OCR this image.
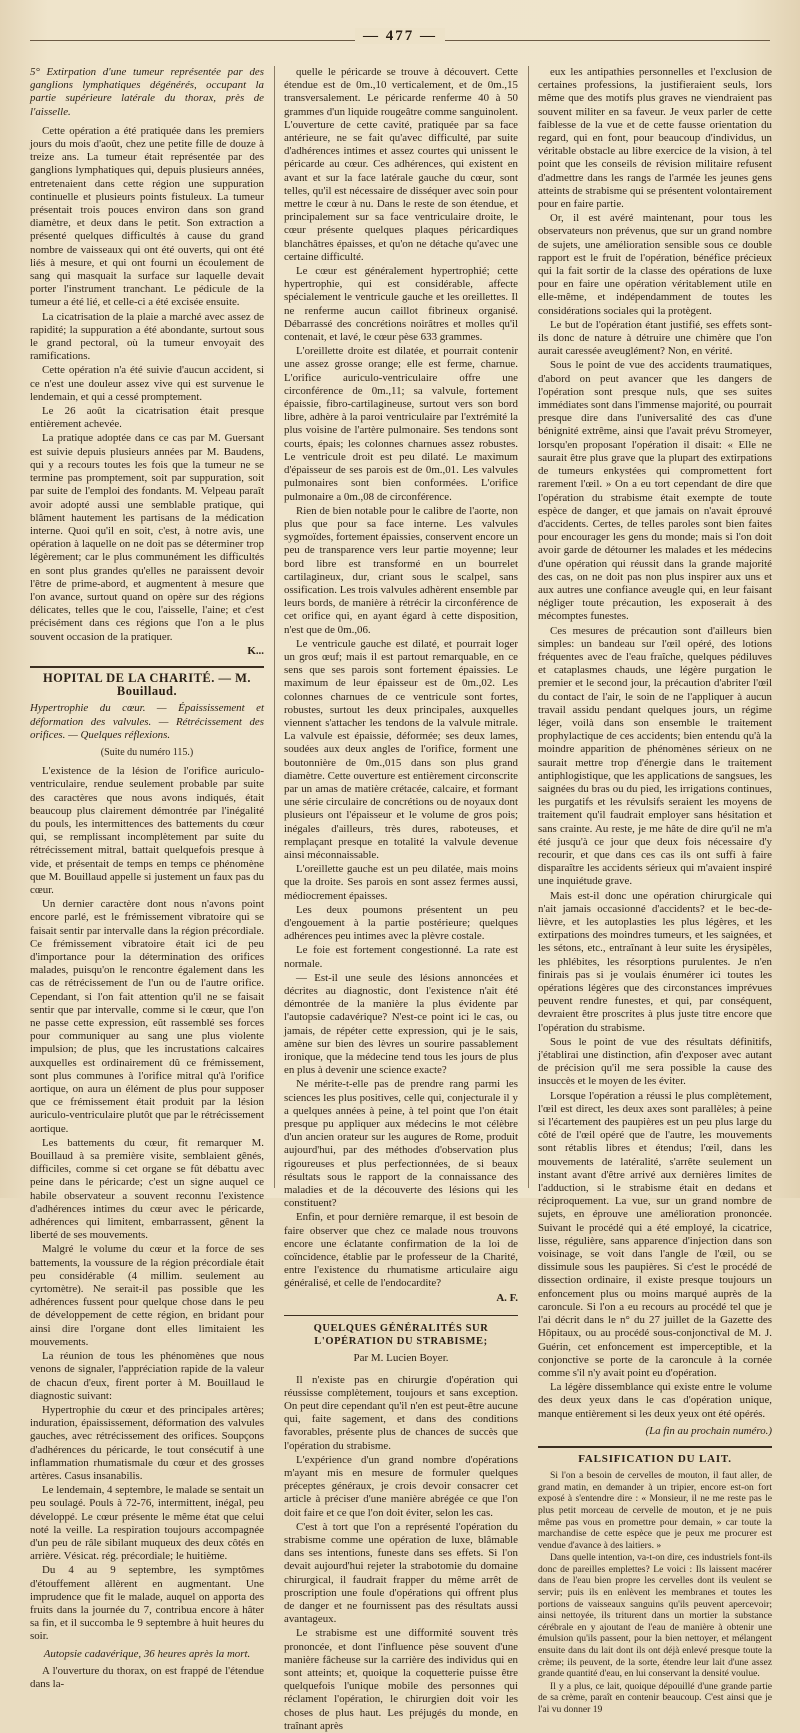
— 477 —

5° Extirpation d'une tumeur représentée par des ganglions lymphatiques dégénérés, occupant la partie supérieure latérale du thorax, près de l'aisselle.

Cette opération a été pratiquée dans les premiers jours du mois d'août, chez une petite fille de douze à treize ans. La tumeur était représentée par des ganglions lymphatiques qui, depuis plusieurs années, entretenaient dans cette région une suppuration continuelle et plusieurs points fistuleux. La tumeur présentait trois pouces environ dans son grand diamètre, et deux dans le petit. Son extraction a présenté quelques difficultés à cause du grand nombre de vaisseaux qui ont été ouverts, qui ont été liés à mesure, et qui ont fourni un écoulement de sang qui masquait la surface sur laquelle devait porter l'instrument tranchant. Le pédicule de la tumeur a été lié, et celle-ci a été excisée ensuite.

La cicatrisation de la plaie a marché avec assez de rapidité; la suppuration a été abondante, surtout sous le grand pectoral, où la tumeur envoyait des ramifications.

Cette opération n'a été suivie d'aucun accident, si ce n'est une douleur assez vive qui est survenue le lendemain, et qui a cessé promptement.

Le 26 août la cicatrisation était presque entièrement achevée.

La pratique adoptée dans ce cas par M. Guersant est suivie depuis plusieurs années par M. Baudens, qui y a recours toutes les fois que la tumeur ne se termine pas promptement, soit par suppuration, soit par suite de l'emploi des fondants. M. Velpeau paraît avoir adopté aussi une semblable pratique, qui blâment hautement les partisans de la médication interne. Quoi qu'il en soit, c'est, à notre avis, une opération à laquelle on ne doit pas se déterminer trop légèrement; car le plus communément les difficultés en sont plus grandes qu'elles ne paraissent devoir l'être de prime-abord, et augmentent à mesure que l'on avance, surtout quand on opère sur des régions délicates, telles que le cou, l'aisselle, l'aine; et c'est précisément dans ces régions que l'on a le plus souvent occasion de la pratiquer.

K...

HOPITAL DE LA CHARITÉ. — M. Bouillaud.

Hypertrophie du cœur. — Épaississement et déformation des valvules. — Rétrécissement des orifices. — Quelques réflexions.

(Suite du numéro 115.)

L'existence de la lésion de l'orifice auriculo-ventriculaire, rendue seulement probable par suite des caractères que nous avons indiqués, était beaucoup plus clairement démontrée par l'inégalité du pouls, les intermittences des battements du cœur qui, se remplissant incomplètement par suite du rétrécissement mitral, battait quelquefois presque à vide, et présentait de temps en temps ce phénomène que M. Bouillaud appelle si justement un faux pas du cœur.

Un dernier caractère dont nous n'avons point encore parlé, est le frémissement vibratoire qui se faisait sentir par intervalle dans la région précordiale. Ce frémissement vibratoire était ici de peu d'importance pour la détermination des orifices malades, puisqu'on le rencontre également dans les cas de rétrécissement de l'un ou de l'autre orifice. Cependant, si l'on fait attention qu'il ne se faisait sentir que par intervalle, comme si le cœur, que l'on ne passe cette expression, eût rassemblé ses forces pour communiquer au sang une plus violente impulsion; de plus, que les incrustations calcaires auxquelles est ordinairement dû ce frémissement, sont plus communes à l'orifice mitral qu'à l'orifice aortique, on aura un élément de plus pour supposer que ce frémissement était produit par la lésion auriculo-ventriculaire plutôt que par le rétrécissement aortique.

Les battements du cœur, fit remarquer M. Bouillaud à sa première visite, semblaient gênés, difficiles, comme si cet organe se fût débattu avec peine dans le péricarde; c'est un signe auquel ce habile observateur a souvent reconnu l'existence d'adhérences intimes du cœur avec le péricarde, adhérences qui limitent, embarrassent, gênent la liberté de ses mouvements.

Malgré le volume du cœur et la force de ses battements, la voussure de la région précordiale était peu considérable (4 millim. seulement au cyrtomètre). Ne serait-il pas possible que les adhérences fussent pour quelque chose dans le peu de développement de cette région, en bridant pour ainsi dire l'organe dont elles limitaient les mouvements.

La réunion de tous les phénomènes que nous venons de signaler, l'appréciation rapide de la valeur de chacun d'eux, firent porter à M. Bouillaud le diagnostic suivant:

Hypertrophie du cœur et des principales artères; induration, épaississement, déformation des valvules gauches, avec rétrécissement des orifices. Soupçons d'adhérences du péricarde, le tout consécutif à une inflammation rhumatismale du cœur et des grosses artères. Casus insanabilis.

Le lendemain, 4 septembre, le malade se sentait un peu soulagé. Pouls à 72-76, intermittent, inégal, peu développé. Le cœur présente le même état que celui noté la veille. La respiration toujours accompagnée d'un peu de râle sibilant muqueux des deux côtés en arrière. Vésicat. rég. précordiale; le huitième.

Du 4 au 9 septembre, les symptômes d'étouffement allèrent en augmentant. Une imprudence que fit le malade, auquel on apporta des fruits dans la journée du 7, contribua encore à hâter sa fin, et il succomba le 9 septembre à huit heures du soir.

Autopsie cadavérique, 36 heures après la mort.

A l'ouverture du thorax, on est frappé de l'étendue dans la-

quelle le péricarde se trouve à découvert. Cette étendue est de 0m.,10 verticalement, et de 0m.,15 transversalement. Le péricarde renferme 40 à 50 grammes d'un liquide rougeâtre comme sanguinolent. L'ouverture de cette cavité, pratiquée par sa face antérieure, ne se fait qu'avec difficulté, par suite d'adhérences intimes et assez courtes qui unissent le péricarde au cœur. Ces adhérences, qui existent en avant et sur la face latérale gauche du cœur, sont telles, qu'il est nécessaire de disséquer avec soin pour mettre le cœur à nu. Dans le reste de son étendue, et principalement sur sa face ventriculaire droite, le cœur présente quelques plaques péricardiques blanchâtres épaisses, et qu'on ne détache qu'avec une certaine difficulté.

Le cœur est généralement hypertrophié; cette hypertrophie, qui est considérable, affecte spécialement le ventricule gauche et les oreillettes. Il ne renferme aucun caillot fibrineux organisé. Débarrassé des concrétions noirâtres et molles qu'il contenait, et lavé, le cœur pèse 633 grammes.

L'oreillette droite est dilatée, et pourrait contenir une assez grosse orange; elle est ferme, charnue. L'orifice auriculo-ventriculaire offre une circonférence de 0m.,11; sa valvule, fortement épaissie, fibro-cartilagineuse, surtout vers son bord libre, adhère à la paroi ventriculaire par l'extrémité la plus voisine de l'artère pulmonaire. Ses tendons sont courts, épais; les colonnes charnues assez robustes. Le ventricule droit est peu dilaté. Le maximum d'épaisseur de ses parois est de 0m.,01. Les valvules pulmonaires sont bien conformées. L'orifice pulmonaire a 0m.,08 de circonférence.

Rien de bien notable pour le calibre de l'aorte, non plus que pour sa face interne. Les valvules sygmoïdes, fortement épaissies, conservent encore un peu de transparence vers leur partie moyenne; leur bord libre est transformé en un bourrelet cartilagineux, dur, criant sous le scalpel, sans ossification. Les trois valvules adhèrent ensemble par leurs bords, de manière à rétrécir la circonférence de cet orifice qui, en ayant égard à cette disposition, n'est que de 0m.,06.

Le ventricule gauche est dilaté, et pourrait loger un gros œuf; mais il est partout remarquable, en ce sens que ses parois sont fortement épaissies. Le maximum de leur épaisseur est de 0m.,02. Les colonnes charnues de ce ventricule sont fortes, robustes, surtout les deux principales, auxquelles viennent s'attacher les tendons de la valvule mitrale. La valvule est épaissie, déformée; ses deux lames, soudées aux deux angles de l'orifice, forment une boutonnière de 0m.,015 dans son plus grand diamètre. Cette ouverture est entièrement circonscrite par un amas de matière crétacée, calcaire, et formant une série circulaire de concrétions ou de noyaux dont plusieurs ont l'épaisseur et le volume de gros pois; inégales d'ailleurs, très dures, raboteuses, et remplaçant presque en totalité la valvule devenue ainsi méconnaissable.

L'oreillette gauche est un peu dilatée, mais moins que la droite. Ses parois en sont assez fermes aussi, médiocrement épaisses.

Les deux poumons présentent un peu d'engouement à la partie postérieure; quelques adhérences peu intimes avec la plèvre costale.

Le foie est fortement congestionné. La rate est normale.

— Est-il une seule des lésions annoncées et décrites au diagnostic, dont l'existence n'ait été démontrée de la manière la plus évidente par l'autopsie cadavérique? N'est-ce point ici le cas, ou jamais, de répéter cette expression, qui je le sais, amène sur bien des lèvres un sourire passablement ironique, que la médecine tend tous les jours de plus en plus à devenir une science exacte?

Ne mérite-t-elle pas de prendre rang parmi les sciences les plus positives, celle qui, conjecturale il y a quelques années à peine, à tel point que l'on était presque pu appliquer aux médecins le mot célèbre d'un ancien orateur sur les augures de Rome, produit aujourd'hui, par des méthodes d'observation plus rigoureuses et plus perfectionnées, de si beaux résultats sous le rapport de la connaissance des maladies et de la découverte des lésions qui les constituent?

Enfin, et pour dernière remarque, il est besoin de faire observer que chez ce malade nous trouvons encore une éclatante confirmation de la loi de coïncidence, établie par le professeur de la Charité, entre l'existence du rhumatisme articulaire aigu généralisé, et celle de l'endocardite?

A. F.

QUELQUES GÉNÉRALITÉS SUR L'OPÉRATION DU STRABISME;

Par M. Lucien Boyer.

Il n'existe pas en chirurgie d'opération qui réussisse complètement, toujours et sans exception. On peut dire cependant qu'il n'en est peut-être aucune qui, faite sagement, et dans des conditions favorables, présente plus de chances de succès que l'opération du strabisme.

L'expérience d'un grand nombre d'opérations m'ayant mis en mesure de formuler quelques préceptes généraux, je crois devoir consacrer cet article à préciser d'une manière abrégée ce que l'on doit faire et ce que l'on doit éviter, selon les cas.

C'est à tort que l'on a représenté l'opération du strabisme comme une opération de luxe, blâmable dans ses intentions, funeste dans ses effets. Si l'on devait aujourd'hui rejeter la strabotomie du domaine chirurgical, il faudrait frapper du même arrêt de proscription une foule d'opérations qui offrent plus de danger et ne fournissent pas des résultats aussi avantageux.

Le strabisme est une difformité souvent très prononcée, et dont l'influence pèse souvent d'une manière fâcheuse sur la carrière des individus qui en sont atteints; et, quoique la coquetterie puisse être quelquefois l'unique mobile des personnes qui réclament l'opération, le chirurgien doit voir les choses de plus haut. Les préjugés du monde, en traînant après

eux les antipathies personnelles et l'exclusion de certaines professions, la justifieraient seuls, lors même que des motifs plus graves ne viendraient pas souvent militer en sa faveur. Je veux parler de cette faiblesse de la vue et de cette fausse orientation du regard, qui en font, pour beaucoup d'individus, un véritable obstacle au libre exercice de la vision, à tel point que les conseils de révision militaire refusent d'admettre dans les rangs de l'armée les jeunes gens atteints de strabisme qui se présentent volontairement pour en faire partie.

Or, il est avéré maintenant, pour tous les observateurs non prévenus, que sur un grand nombre de sujets, une amélioration sensible sous ce double rapport est le fruit de l'opération, bénéfice précieux qui la fait sortir de la classe des opérations de luxe pour en faire une opération véritablement utile en elle-même, et indépendamment de toutes les considérations sociales qui la protègent.

Le but de l'opération étant justifié, ses effets sont-ils donc de nature à détruire une chimère que l'on aurait caressée aveuglément? Non, en vérité.

Sous le point de vue des accidents traumatiques, d'abord on peut avancer que les dangers de l'opération sont presque nuls, que ses suites immédiates sont dans l'immense majorité, ou pourrait presque dire dans l'universalité des cas d'une bénignité extrême, ainsi que l'avait prévu Stromeyer, lorsqu'en proposant l'opération il disait: « Elle ne saurait être plus grave que la plupart des extirpations de tumeurs enkystées qui compromettent fort rarement l'œil. » On a eu tort cependant de dire que l'opération du strabisme était exempte de toute espèce de danger, et que jamais on n'avait éprouvé d'accidents. Certes, de telles paroles sont bien faites pour encourager les gens du monde; mais si l'on doit avoir garde de détourner les malades et les médecins d'une opération qui réussit dans la grande majorité des cas, on ne doit pas non plus inspirer aux uns et aux autres une confiance aveugle qui, en leur faisant négliger toute précaution, les exposerait à des mécomptes funestes.

Ces mesures de précaution sont d'ailleurs bien simples: un bandeau sur l'œil opéré, des lotions fréquentes avec de l'eau fraîche, quelques pédiluves et cataplasmes chauds, une légère purgation le premier et le second jour, la précaution d'abriter l'œil du contact de l'air, le soin de ne l'appliquer à aucun travail assidu pendant quelques jours, un régime léger, voilà dans son ensemble le traitement prophylactique de ces accidents; bien entendu qu'à la moindre apparition de phénomènes sérieux on ne saurait mettre trop d'énergie dans le traitement antiphlogistique, que les applications de sangsues, les saignées du bras ou du pied, les irrigations continues, les purgatifs et les révulsifs seraient les moyens de traitement qu'il faudrait employer sans hésitation et sans crainte. Au reste, je me hâte de dire qu'il ne m'a été jusqu'à ce jour que deux fois nécessaire d'y recourir, et que dans ces cas ils ont suffi à faire disparaître les accidents sérieux qui m'avaient inspiré une inquiétude grave.

Mais est-il donc une opération chirurgicale qui n'ait jamais occasionné d'accidents? et le bec-de-lièvre, et les autoplasties les plus légères, et les extirpations des moindres tumeurs, et les saignées, et les sétons, etc., entraînant à leur suite les érysipèles, les phlébites, les résorptions purulentes. Je n'en finirais pas si je voulais énumérer ici toutes les opérations légères que des circonstances imprévues peuvent rendre funestes, et qui, par conséquent, devraient être proscrites à plus juste titre encore que l'opération du strabisme.

Sous le point de vue des résultats définitifs, j'établirai une distinction, afin d'exposer avec autant de précision qu'il me sera possible la cause des insuccès et le moyen de les éviter.

Lorsque l'opération a réussi le plus complètement, l'œil est direct, les deux axes sont parallèles; à peine si l'écartement des paupières est un peu plus large du côté de l'œil opéré que de l'autre, les mouvements sont rétablis libres et étendus; l'œil, dans les mouvements de latéralité, s'arrête seulement un instant avant d'être arrivé aux dernières limites de l'adduction, si le strabisme était en dedans et réciproquement. La vue, sur un grand nombre de sujets, en éprouve une amélioration prononcée. Suivant le procédé qui a été employé, la cicatrice, lisse, régulière, sans apparence d'injection dans son voisinage, se voit dans l'angle de l'œil, ou se dissimule sous les paupières. Si c'est le procédé de dissection ordinaire, il existe presque toujours un enfoncement plus ou moins marqué auprès de la caroncule. Si l'on a eu recours au procédé tel que je l'ai décrit dans le n° du 27 juillet de la Gazette des Hôpitaux, ou au procédé sous-conjonctival de M. J. Guérin, cet enfoncement est imperceptible, et la conjonctive se porte de la caroncule à la cornée comme s'il n'y avait point eu d'opération.

La légère dissemblance qui existe entre le volume des deux yeux dans le cas d'opération unique, manque entièrement si les deux yeux ont été opérés.

(La fin au prochain numéro.)

FALSIFICATION DU LAIT.

Si l'on a besoin de cervelles de mouton, il faut aller, de grand matin, en demander à un tripier, encore est-on fort exposé à s'entendre dire : « Monsieur, il ne me reste pas le plus petit morceau de cervelle de mouton, et je ne puis même pas vous en promettre pour demain, » car toute la marchandise de cette espèce que je peux me procurer est vendue d'avance à des laitiers. »

Dans quelle intention, va-t-on dire, ces industriels font-ils donc de pareilles emplettes? Le voici : Ils laissent macérer dans de l'eau bien propre les cervelles dont ils veulent se servir; puis ils en enlèvent les membranes et toutes les portions de vaisseaux sanguins qu'ils peuvent apercevoir; ainsi nettoyée, ils triturent dans un mortier la substance cérébrale en y ajoutant de l'eau de manière à obtenir une émulsion qu'ils passent, pour la bien nettoyer, et mélangent ensuite dans du lait dont ils ont déjà enlevé presque toute la crème; ils peuvent, de la sorte, étendre leur lait d'une assez grande quantité d'eau, en lui conservant la densité voulue.

Il y a plus, ce lait, quoique dépouillé d'une grande partie de sa crème, paraît en contenir beaucoup. C'est ainsi que je l'ai vu donner 19
